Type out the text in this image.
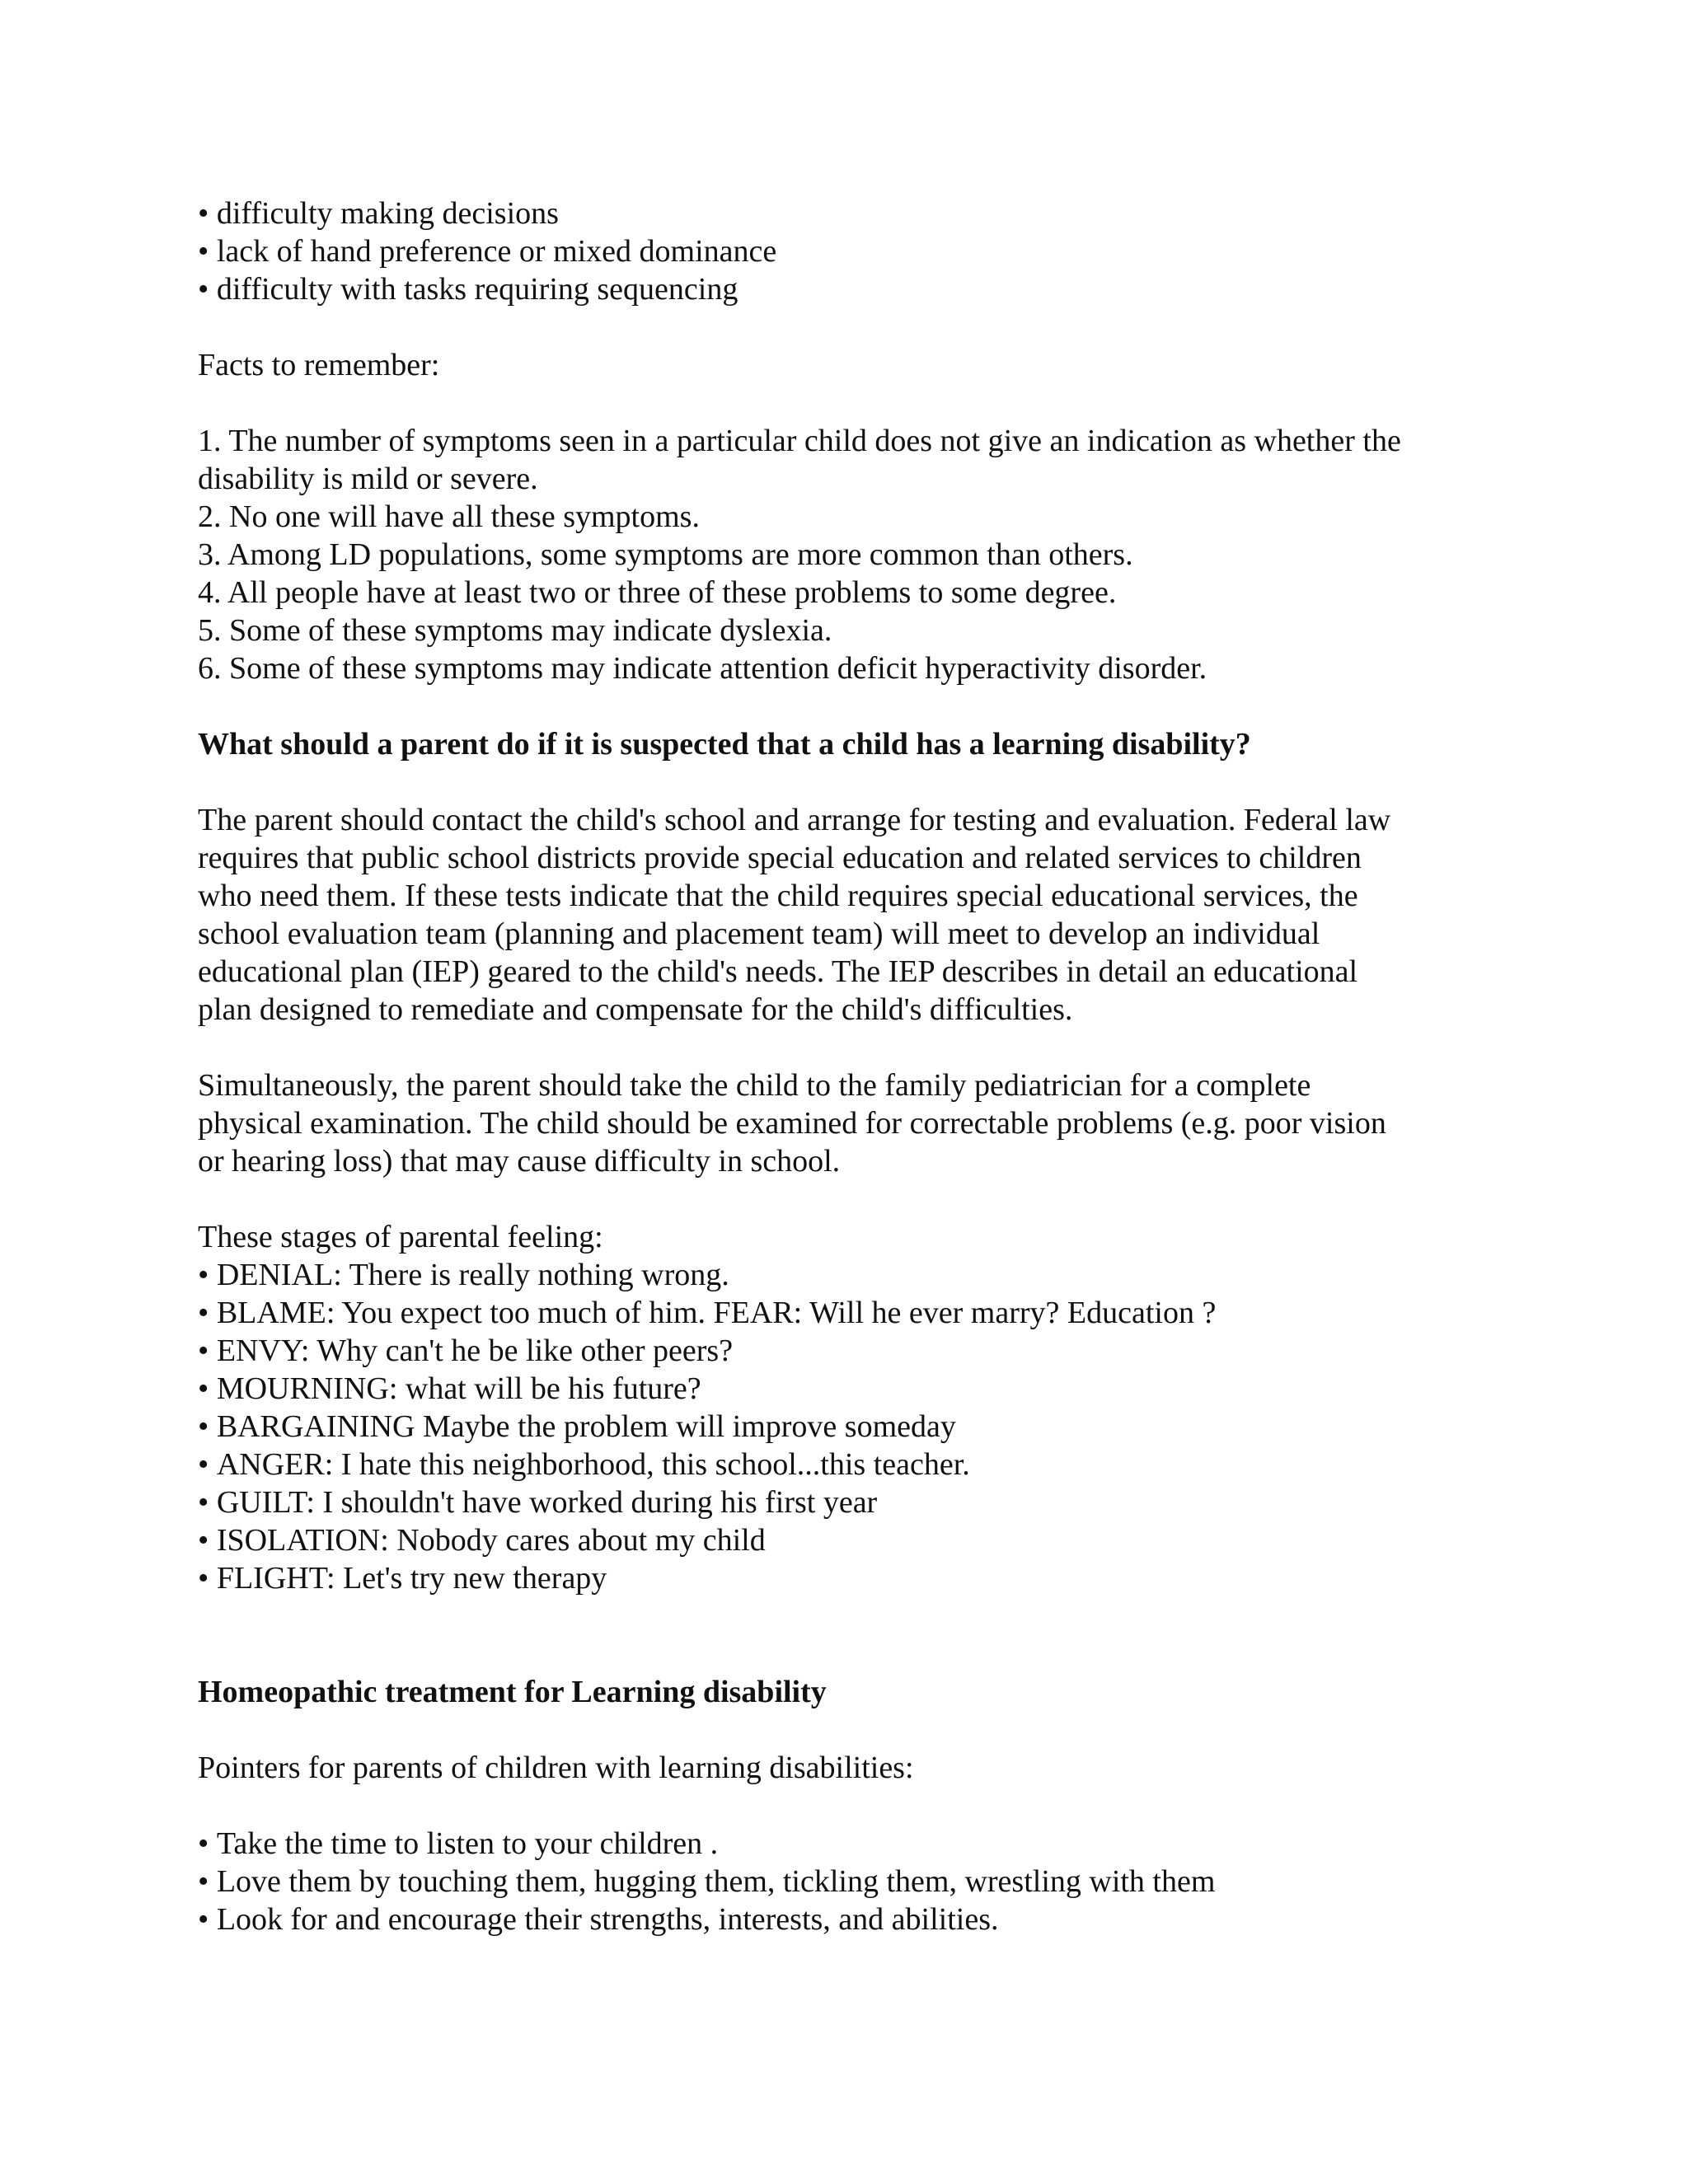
• difficulty making decisions
• lack of hand preference or mixed dominance
• difficulty with tasks requiring sequencing
Facts to remember:
1. The number of symptoms seen in a particular child does not give an indication as whether the
disability is mild or severe.
2. No one will have all these symptoms.
3. Among LD populations, some symptoms are more common than others.
4. All people have at least two or three of these problems to some degree.
5. Some of these symptoms may indicate dyslexia.
6. Some of these symptoms may indicate attention deficit hyperactivity disorder.
What should a parent do if it is suspected that a child has a learning disability?
The parent should contact the child's school and arrange for testing and evaluation. Federal law
requires that public school districts provide special education and related services to children
who need them. If these tests indicate that the child requires special educational services, the
school evaluation team (planning and placement team) will meet to develop an individual
educational plan (IEP) geared to the child's needs. The IEP describes in detail an educational
plan designed to remediate and compensate for the child's difficulties.
Simultaneously, the parent should take the child to the family pediatrician for a complete
physical examination. The child should be examined for correctable problems (e.g. poor vision
or hearing loss) that may cause difficulty in school.
These stages of parental feeling:
• DENIAL: There is really nothing wrong.
• BLAME: You expect too much of him. FEAR: Will he ever marry? Education ?
• ENVY: Why can't he be like other peers?
• MOURNING: what will be his future?
• BARGAINING Maybe the problem will improve someday
• ANGER: I hate this neighborhood, this school...this teacher.
• GUILT: I shouldn't have worked during his first year
• ISOLATION: Nobody cares about my child
• FLIGHT: Let's try new therapy
Homeopathic treatment for Learning disability
Pointers for parents of children with learning disabilities:
• Take the time to listen to your children .
• Love them by touching them, hugging them, tickling them, wrestling with them
• Look for and encourage their strengths, interests, and abilities.
